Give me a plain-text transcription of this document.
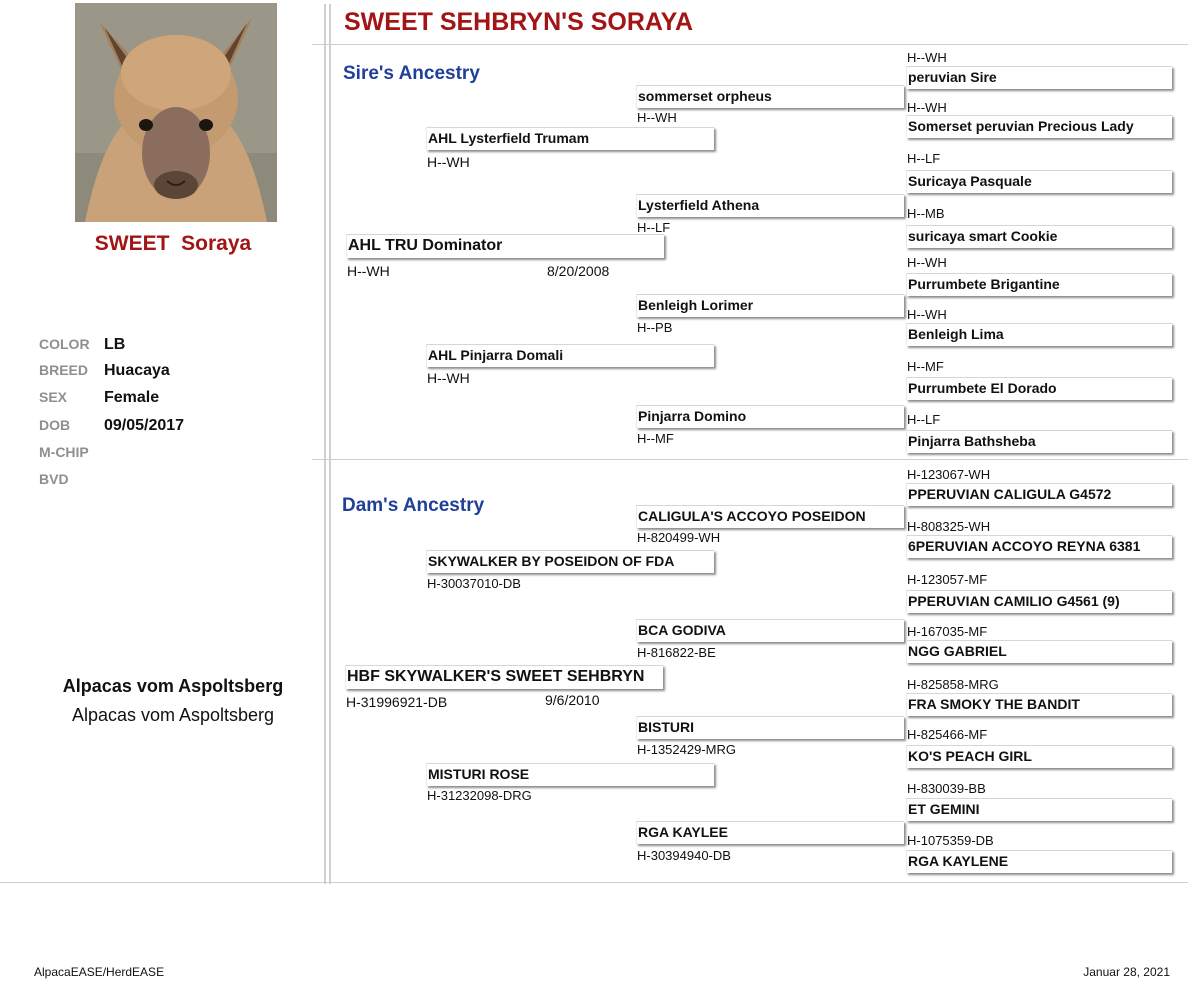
SWEET  Soraya
COLOR LB
BREED Huacaya
SEX Female
DOB 09/05/2017
M-CHIP
BVD
Alpacas vom Aspoltsberg
Alpacas vom Aspoltsberg
SWEET SEHBRYN'S SORAYA
Sire's Ancestry
AHL TRU Dominator
H--WH	8/20/2008
AHL Lysterfield Trumam
H--WH
AHL Pinjarra Domali
H--WH
sommerset orpheus
H--WH
Lysterfield Athena
H--LF
Benleigh Lorimer
H--PB
Pinjarra Domino
H--MF
H--WH
peruvian Sire
H--WH
Somerset peruvian Precious Lady
H--LF
Suricaya Pasquale
H--MB
suricaya smart Cookie
H--WH
Purrumbete Brigantine
H--WH
Benleigh Lima
H--MF
Purrumbete El Dorado
H--LF
Pinjarra Bathsheba
Dam's Ancestry
HBF SKYWALKER'S SWEET SEHBRYN
H-31996921-DB	9/6/2010
SKYWALKER BY POSEIDON OF FDA
H-30037010-DB
MISTURI ROSE
H-31232098-DRG
CALIGULA'S ACCOYO POSEIDON
H-820499-WH
BCA GODIVA
H-816822-BE
BISTURI
H-1352429-MRG
RGA KAYLEE
H-30394940-DB
H-123067-WH
PPERUVIAN CALIGULA G4572
H-808325-WH
6PERUVIAN ACCOYO REYNA 6381
H-123057-MF
PPERUVIAN CAMILIO G4561 (9)
H-167035-MF
NGG GABRIEL
H-825858-MRG
FRA SMOKY THE BANDIT
H-825466-MF
KO'S PEACH GIRL
H-830039-BB
ET GEMINI
H-1075359-DB
RGA KAYLENE
AlpacaEASE/HerdEASE	Januar 28, 2021
